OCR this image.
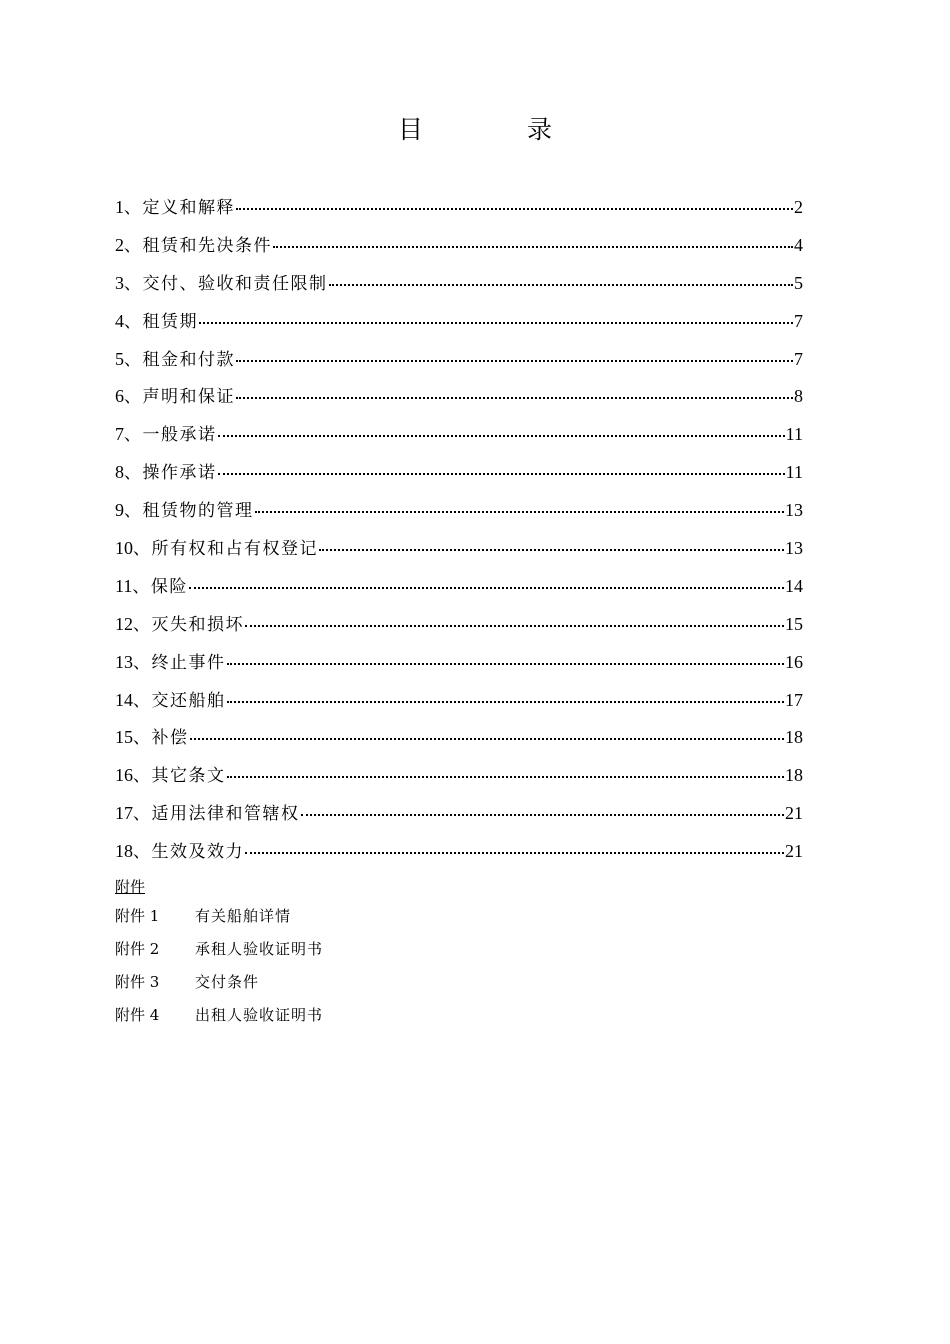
目 录
1、定义和解释	2
2、租赁和先决条件	4
3、交付、验收和责任限制	5
4、租赁期	7
5、租金和付款	7
6、声明和保证	8
7、一般承诺	11
8、操作承诺	11
9、租赁物的管理	13
10、所有权和占有权登记	13
11、保险	14
12、灭失和损坏	15
13、终止事件	16
14、交还船舶	17
15、补偿	18
16、其它条文	18
17、适用法律和管辖权	21
18、生效及效力	21
附件
附件 1	有关船舶详情
附件 2	承租人验收证明书
附件 3	交付条件
附件 4	出租人验收证明书
